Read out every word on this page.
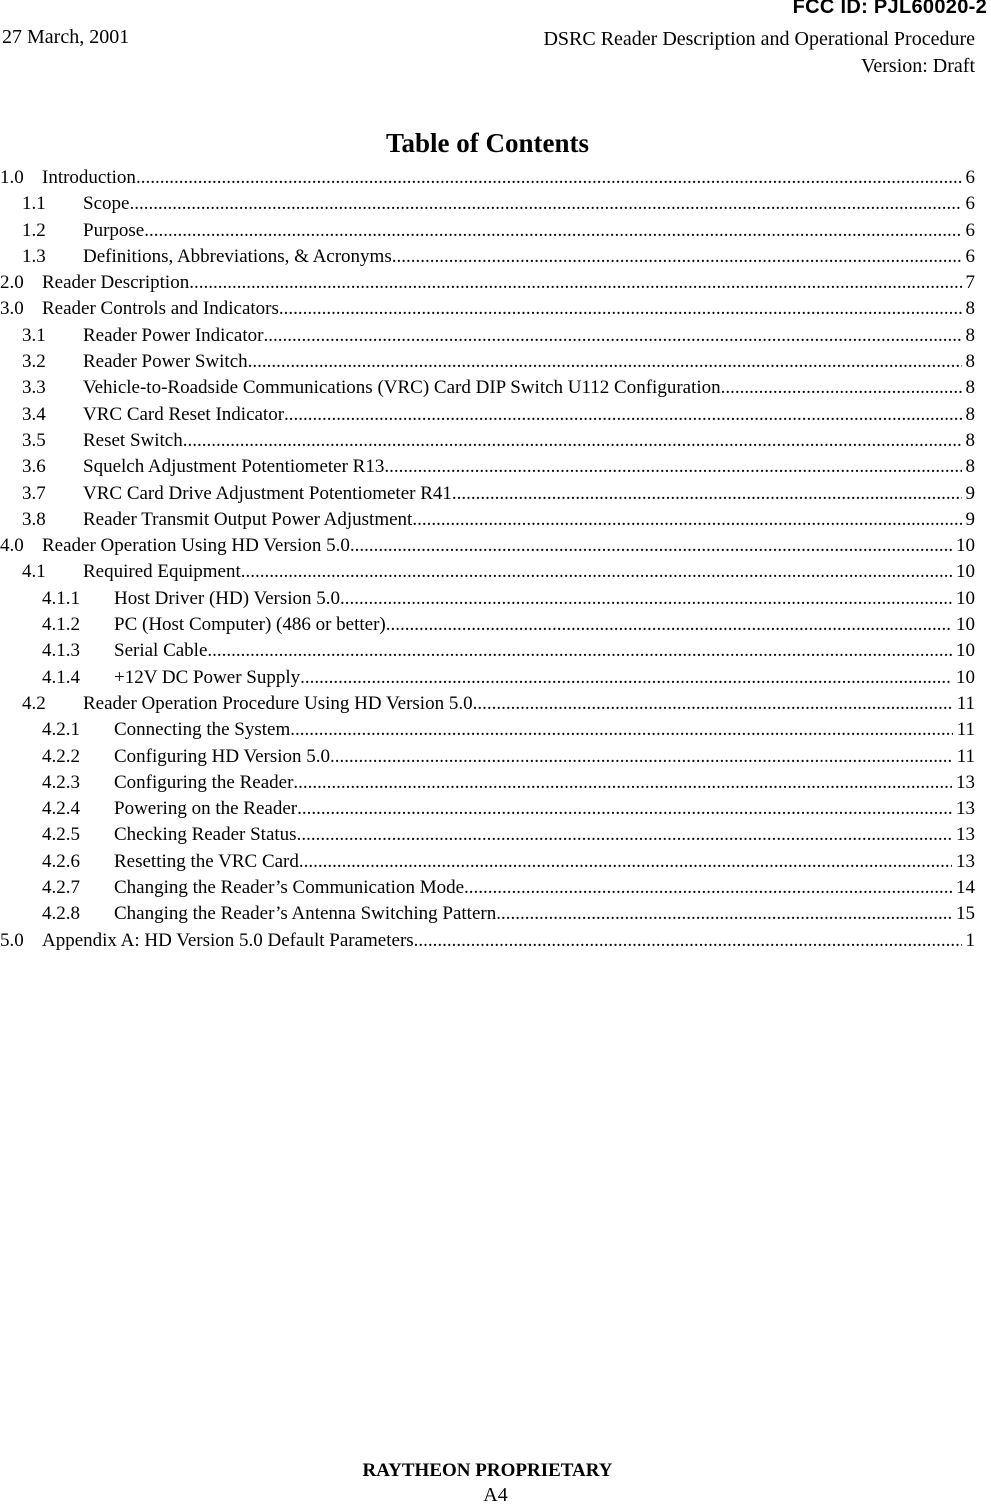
FCC ID: PJL60020-2
27 March, 2001	DSRC Reader Description and Operational Procedure
Version: Draft
Table of Contents
1.0 Introduction .....	6
1.1 Scope .....	6
1.2 Purpose .....	6
1.3 Definitions, Abbreviations, & Acronyms .....	6
2.0 Reader Description .....	7
3.0 Reader Controls and Indicators .....	8
3.1 Reader Power Indicator .....	8
3.2 Reader Power Switch .....	8
3.3 Vehicle-to-Roadside Communications (VRC) Card DIP Switch U112 Configuration .....	8
3.4 VRC Card Reset Indicator .....	8
3.5 Reset Switch .....	8
3.6 Squelch Adjustment Potentiometer R13 .....	8
3.7 VRC Card Drive Adjustment Potentiometer R41 .....	9
3.8 Reader Transmit Output Power Adjustment .....	9
4.0 Reader Operation Using HD Version 5.0 .....	10
4.1 Required Equipment .....	10
4.1.1 Host Driver (HD) Version 5.0 .....	10
4.1.2 PC (Host Computer) (486 or better) .....	10
4.1.3 Serial Cable .....	10
4.1.4 +12V DC Power Supply .....	10
4.2 Reader Operation Procedure Using HD Version 5.0 .....	11
4.2.1 Connecting the System .....	11
4.2.2 Configuring HD Version 5.0 .....	11
4.2.3 Configuring the Reader .....	13
4.2.4 Powering on the Reader .....	13
4.2.5 Checking Reader Status .....	13
4.2.6 Resetting the VRC Card .....	13
4.2.7 Changing the Reader’s Communication Mode .....	14
4.2.8 Changing the Reader’s Antenna Switching Pattern .....	15
5.0 Appendix A: HD Version 5.0 Default Parameters .....	1
RAYTHEON PROPRIETARY
A4
